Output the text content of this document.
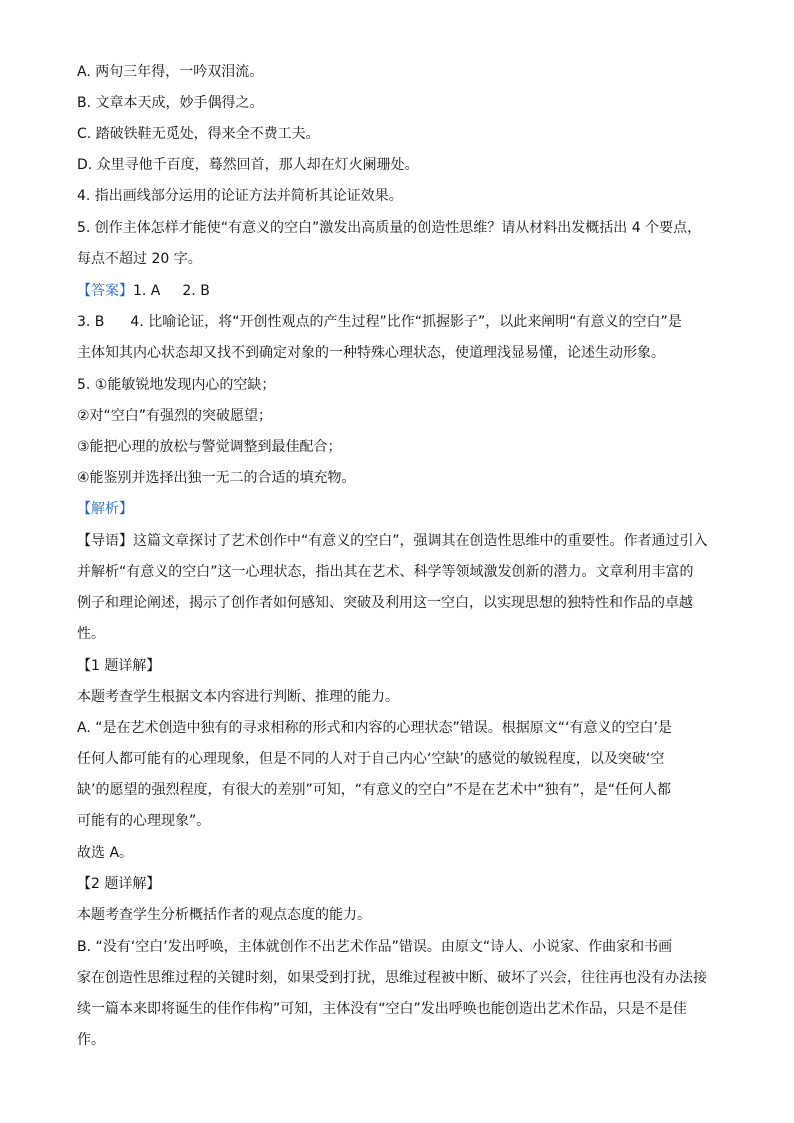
A. 两句三年得，一吟双泪流。

B. 文章本天成，妙手偶得之。

C. 踏破铁鞋无觅处，得来全不费工夫。

D. 众里寻他千百度，蓦然回首，那人却在灯火阑珊处。

4. 指出画线部分运用的论证方法并简析其论证效果。

5. 创作主体怎样才能使“有意义的空白”激发出高质量的创造性思维？请从材料出发概括出 4 个要点，

每点不超过 20 字。

【答案】1. A 2. B

3. B 4. 比喻论证，将“开创性观点的产生过程”比作“抓握影子”，以此来阐明“有意义的空白”是

主体知其内心状态却又找不到确定对象的一种特殊心理状态，使道理浅显易懂，论述生动形象。

5. ①能敏锐地发现内心的空缺；

②对“空白”有强烈的突破愿望；

③能把心理的放松与警觉调整到最佳配合；

④能鉴别并选择出独一无二的合适的填充物。

【解析】

【导语】这篇文章探讨了艺术创作中“有意义的空白”，强调其在创造性思维中的重要性。作者通过引入

并解析“有意义的空白”这一心理状态，指出其在艺术、科学等领域激发创新的潜力。文章利用丰富的

例子和理论阐述，揭示了创作者如何感知、突破及利用这一空白，以实现思想的独特性和作品的卓越

性。

【1 题详解】

本题考查学生根据文本内容进行判断、推理的能力。

A. “是在艺术创造中独有的寻求相称的形式和内容的心理状态”错误。根据原文“‘有意义的空白’是

任何人都可能有的心理现象，但是不同的人对于自己内心‘空缺’的感觉的敏锐程度，以及突破‘空

缺’的愿望的强烈程度，有很大的差别”可知，“有意义的空白”不是在艺术中“独有”，是“任何人都

可能有的心理现象”。

故选 A。

【2 题详解】

本题考查学生分析概括作者的观点态度的能力。

B. “没有‘空白’发出呼唤，主体就创作不出艺术作品”错误。由原文“诗人、小说家、作曲家和书画

家在创造性思维过程的关键时刻，如果受到打扰，思维过程被中断、破坏了兴会，往往再也没有办法接

续一篇本来即将诞生的佳作伟构”可知，主体没有“空白”发出呼唤也能创造出艺术作品，只是不是佳

作。
